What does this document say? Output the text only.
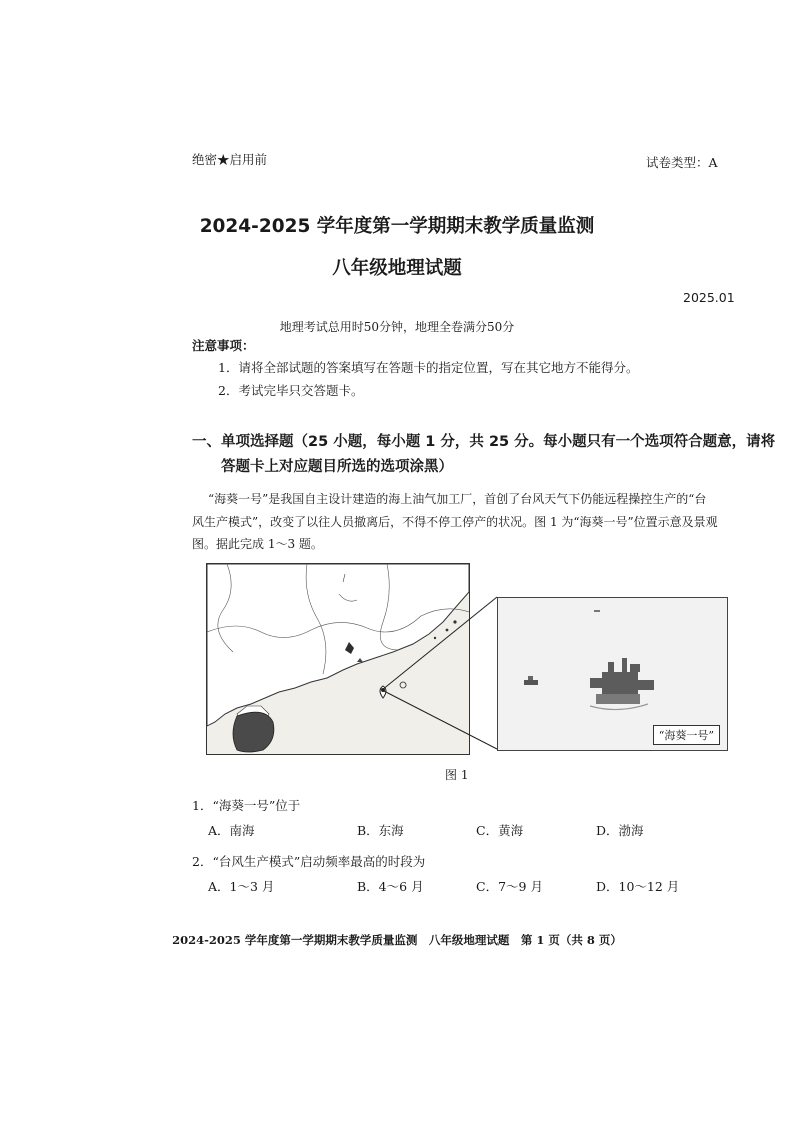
绝密★启用前	试卷类型：A
2024-2025 学年度第一学期期末教学质量监测
八年级地理试题
2025.01
地理考试总用时50分钟，地理全卷满分50分
注意事项：
1．请将全部试题的答案填写在答题卡的指定位置，写在其它地方不能得分。
2．考试完毕只交答题卡。
一、单项选择题（25 小题，每小题 1 分，共 25 分。每小题只有一个选项符合题意，请将
答题卡上对应题目所选的选项涂黑）
“海葵一号”是我国自主设计建造的海上油气加工厂，首创了台风天气下仍能远程操控生产的“台
风生产模式”，改变了以往人员撤离后，不得不停工停产的状况。图 1 为“海葵一号”位置示意及景观
图。据此完成 1～3 题。
“海葵一号”
图 1
1．“海葵一号”位于
A．南海	B．东海	C．黄海	D．渤海
2．“台风生产模式”启动频率最高的时段为
A．1～3 月	B．4～6 月	C．7～9 月	D．10～12 月
2024-2025 学年度第一学期期末教学质量监测　八年级地理试题　第 1 页（共 8 页）
